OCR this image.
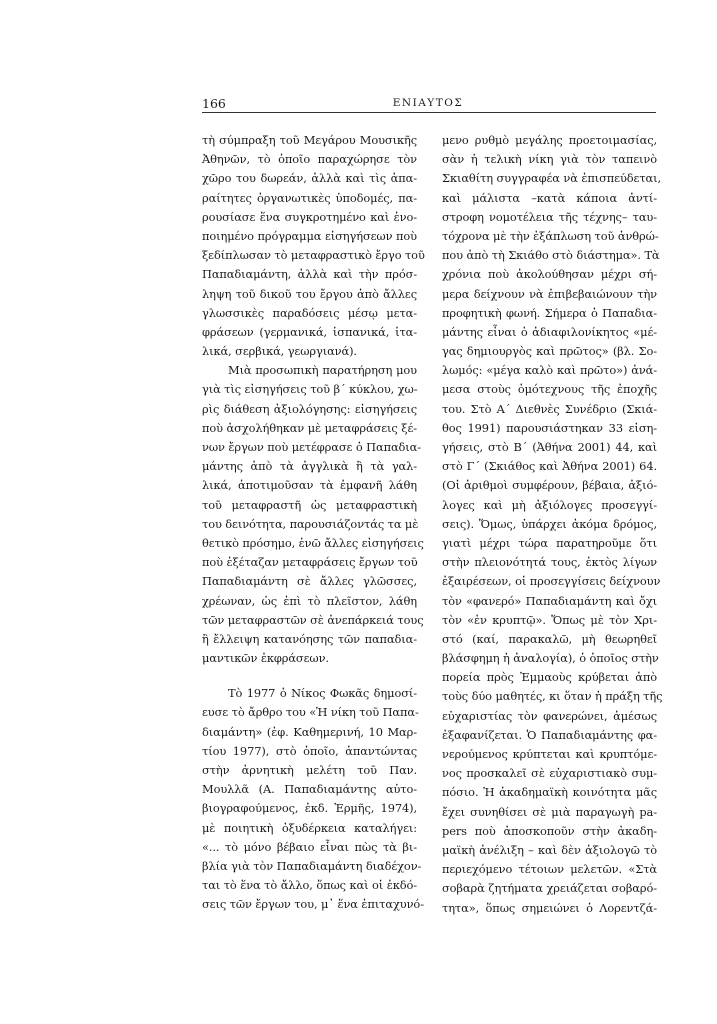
166	ΕΝΙΑΥΤΟΣ
τὴ σύμπραξη τοῦ Μεγάρου Μουσικῆς
Ἀθηνῶν, τὸ ὁποῖο παραχώρησε τὸν
χῶρο του δωρεάν, ἀλλὰ καὶ τὶς ἀπα-
ραίτητες ὀργανωτικὲς ὑποδομές, πα-
ρουσίασε ἕνα συγκροτημένο καὶ ἑνο-
ποιημένο πρόγραμμα εἰσηγήσεων ποὺ
ξεδίπλωσαν τὸ μεταφραστικὸ ἔργο τοῦ
Παπαδιαμάντη, ἀλλὰ καὶ τὴν πρόσ-
ληψη τοῦ δικοῦ του ἔργου ἀπὸ ἄλλες
γλωσσικὲς παραδόσεις μέσῳ μετα-
φράσεων (γερμανικά, ἱσπανικά, ἰτα-
λικά, σερβικά, γεωργιανά).
Μιὰ προσωπικὴ παρατήρηση μου
γιὰ τὶς εἰσηγήσεις τοῦ β΄ κύκλου, χω-
ρὶς διάθεση ἀξιολόγησης: εἰσηγήσεις
ποὺ ἀσχολήθηκαν μὲ μεταφράσεις ξέ-
νων ἔργων ποὺ μετέφρασε ὁ Παπαδια-
μάντης ἀπὸ τὰ ἀγγλικὰ ἢ τὰ γαλ-
λικά, ἀποτιμοῦσαν τὰ ἐμφανῆ λάθη
τοῦ μεταφραστῆ ὡς μεταφραστικὴ
του δεινότητα, παρουσιάζοντάς τα μὲ
θετικὸ πρόσημο, ἐνῶ ἄλλες εἰσηγήσεις
ποὺ ἐξέταζαν μεταφράσεις ἔργων τοῦ
Παπαδιαμάντη σὲ ἄλλες γλῶσσες,
χρέωναν, ὡς ἐπὶ τὸ πλεῖστον, λάθη
τῶν μεταφραστῶν σὲ ἀνεπάρκειά τους
ἢ ἔλλειψη κατανόησης τῶν παπαδια-
μαντικῶν ἐκφράσεων.
Τὸ 1977 ὁ Νίκος Φωκᾶς δημοσί-
ευσε τὸ ἄρθρο του «Ἡ νίκη τοῦ Παπα-
διαμάντη» (ἐφ. Καθημερινή, 10 Μαρ-
τίου 1977), στὸ ὁποῖο, ἀπαντώντας
στὴν ἀρνητικὴ μελέτη τοῦ Παν.
Μουλλᾶ (Α. Παπαδιαμάντης αὐτο-
βιογραφούμενος, ἐκδ. Ἑρμῆς, 1974),
μὲ ποιητικὴ ὀξυδέρκεια καταλήγει:
«... τὸ μόνο βέβαιο εἶναι πὼς τὰ βι-
βλία γιὰ τὸν Παπαδιαμάντη διαδέχον-
ται τὸ ἕνα τὸ ἄλλο, ὅπως καὶ οἱ ἐκδό-
σεις τῶν ἔργων του, μ᾽ ἕνα ἐπιταχυνό-
μενο ρυθμὸ μεγάλης προετοιμασίας,
σὰν ἡ τελικὴ νίκη γιὰ τὸν ταπεινὸ
Σκιαθίτη συγγραφέα νὰ ἐπισπεύδεται,
καὶ μάλιστα –κατὰ κάποια ἀντί-
στροφη νομοτέλεια τῆς τέχνης– ταυ-
τόχρονα μὲ τὴν ἐξάπλωση τοῦ ἀνθρώ-
που ἀπὸ τὴ Σκιάθο στὸ διάστημα». Τὰ
χρόνια ποὺ ἀκολούθησαν μέχρι σή-
μερα δείχνουν νὰ ἐπιβεβαιώνουν τὴν
προφητικὴ φωνή. Σήμερα ὁ Παπαδια-
μάντης εἶναι ὁ ἀδιαφιλονίκητος «μέ-
γας δημιουργὸς καὶ πρῶτος» (βλ. Σο-
λωμός: «μέγα καλὸ καὶ πρῶτο») ἀνά-
μεσα στοὺς ὁμότεχνους τῆς ἐποχῆς
του. Στὸ Α΄ Διεθνὲς Συνέδριο (Σκιά-
θος 1991) παρουσιάστηκαν 33 εἰση-
γήσεις, στὸ Β΄ (Ἀθήνα 2001) 44, καὶ
στὸ Γ΄ (Σκιάθος καὶ Ἀθήνα 2001) 64.
(Οἱ ἀριθμοὶ συμφέρουν, βέβαια, ἀξιό-
λογες καὶ μὴ ἀξιόλογες προσεγγί-
σεις). Ὅμως, ὑπάρχει ἀκόμα δρόμος,
γιατὶ μέχρι τώρα παρατηροῦμε ὅτι
στὴν πλειονότητά τους, ἐκτὸς λίγων
ἐξαιρέσεων, οἱ προσεγγίσεις δείχνουν
τὸν «φανερό» Παπαδιαμάντη καὶ ὄχι
τὸν «ἐν κρυπτῷ». Ὅπως μὲ τὸν Χρι-
στό (καί, παρακαλῶ, μὴ θεωρηθεῖ
βλάσφημη ἡ ἀναλογία), ὁ ὁποῖος στὴν
πορεία πρὸς Ἐμμαοὺς κρύβεται ἀπὸ
τοὺς δύο μαθητές, κι ὅταν ἡ πράξη τῆς
εὐχαριστίας τὸν φανερώνει, ἀμέσως
ἐξαφανίζεται. Ὁ Παπαδιαμάντης φα-
νερούμενος κρύπτεται καὶ κρυπτόμε-
νος προσκαλεῖ σὲ εὐχαριστιακὸ συμ-
πόσιο. Ἡ ἀκαδημαϊκὴ κοινότητα μᾶς
ἔχει συνηθίσει σὲ μιὰ παραγωγὴ pa-
pers ποὺ ἀποσκοποῦν στὴν ἀκαδη-
μαϊκὴ ἀνέλιξη – καὶ δὲν ἀξιολογῶ τὸ
περιεχόμενο τέτοιων μελετῶν. «Στὰ
σοβαρὰ ζητήματα χρειάζεται σοβαρό-
τητα», ὅπως σημειώνει ὁ Λορεντζά-
